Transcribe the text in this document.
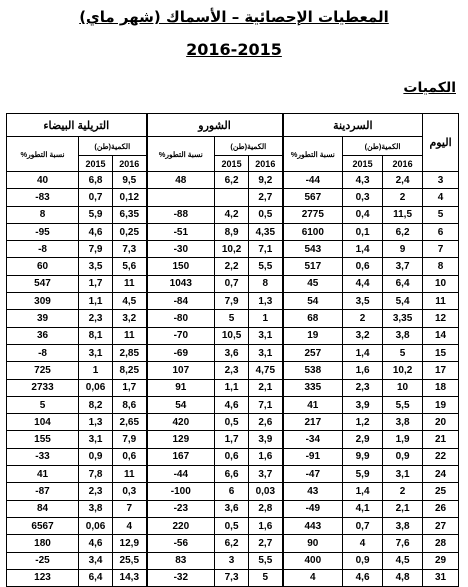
المعطيات الإحصائية – الأسماك (شهر ماي)
2016-2015
الكميات
اليوم	السردينة			الشورو			التريلية البيضاء		
	الكمية(طن)		نسبة التطور%	الكمية(طن)		نسبة التطور%	الكمية(طن)		نسبة التطور%
	2016	2015		2016	2015		2016	2015	
3	2,4	4,3	44-	9,2	6,2	48	9,5	6,8	40
4	2	0,3	567	2,7			0,12	0,7	83-
5	11,5	0,4	2775	0,5	4,2	88-	6,35	5,9	8
6	6,2	0,1	6100	4,35	8,9	51-	0,25	4,6	95-
7	9	1,4	543	7,1	10,2	30-	7,3	7,9	8-
8	3,7	0,6	517	5,5	2,2	150	5,6	3,5	60
10	6,4	4,4	45	8	0,7	1043	11	1,7	547
11	5,4	3,5	54	1,3	7,9	84-	4,5	1,1	309
12	3,35	2	68	1	5	80-	3,2	2,3	39
14	3,8	3,2	19	3,1	10,5	70-	11	8,1	36
15	5	1,4	257	3,1	3,6	69-	2,85	3,1	8-
17	10,2	1,6	538	4,75	2,3	107	8,25	1	725
18	10	2,3	335	2,1	1,1	91	1,7	0,06	2733
19	5,5	3,9	41	7,1	4,6	54	8,6	8,2	5
20	3,8	1,2	217	2,6	0,5	420	2,65	1,3	104
21	1,9	2,9	34-	3,9	1,7	129	7,9	3,1	155
22	0,9	9,9	91-	1,6	0,6	167	0,6	0,9	33-
24	3,1	5,9	47-	3,7	6,6	44-	11	7,8	41
25	2	1,4	43	0,03	6	100-	0,3	2,3	87-
26	2,1	4,1	49-	2,8	3,6	23-	7	3,8	84
27	3,8	0,7	443	1,6	0,5	220	4	0,06	6567
28	7,6	4	90	2,7	6,2	56-	12,9	4,6	180
29	4,5	0,9	400	5,5	3	83	25,5	3,4	25-
31	4,8	4,6	4	5	7,3	32-	14,3	6,4	123
